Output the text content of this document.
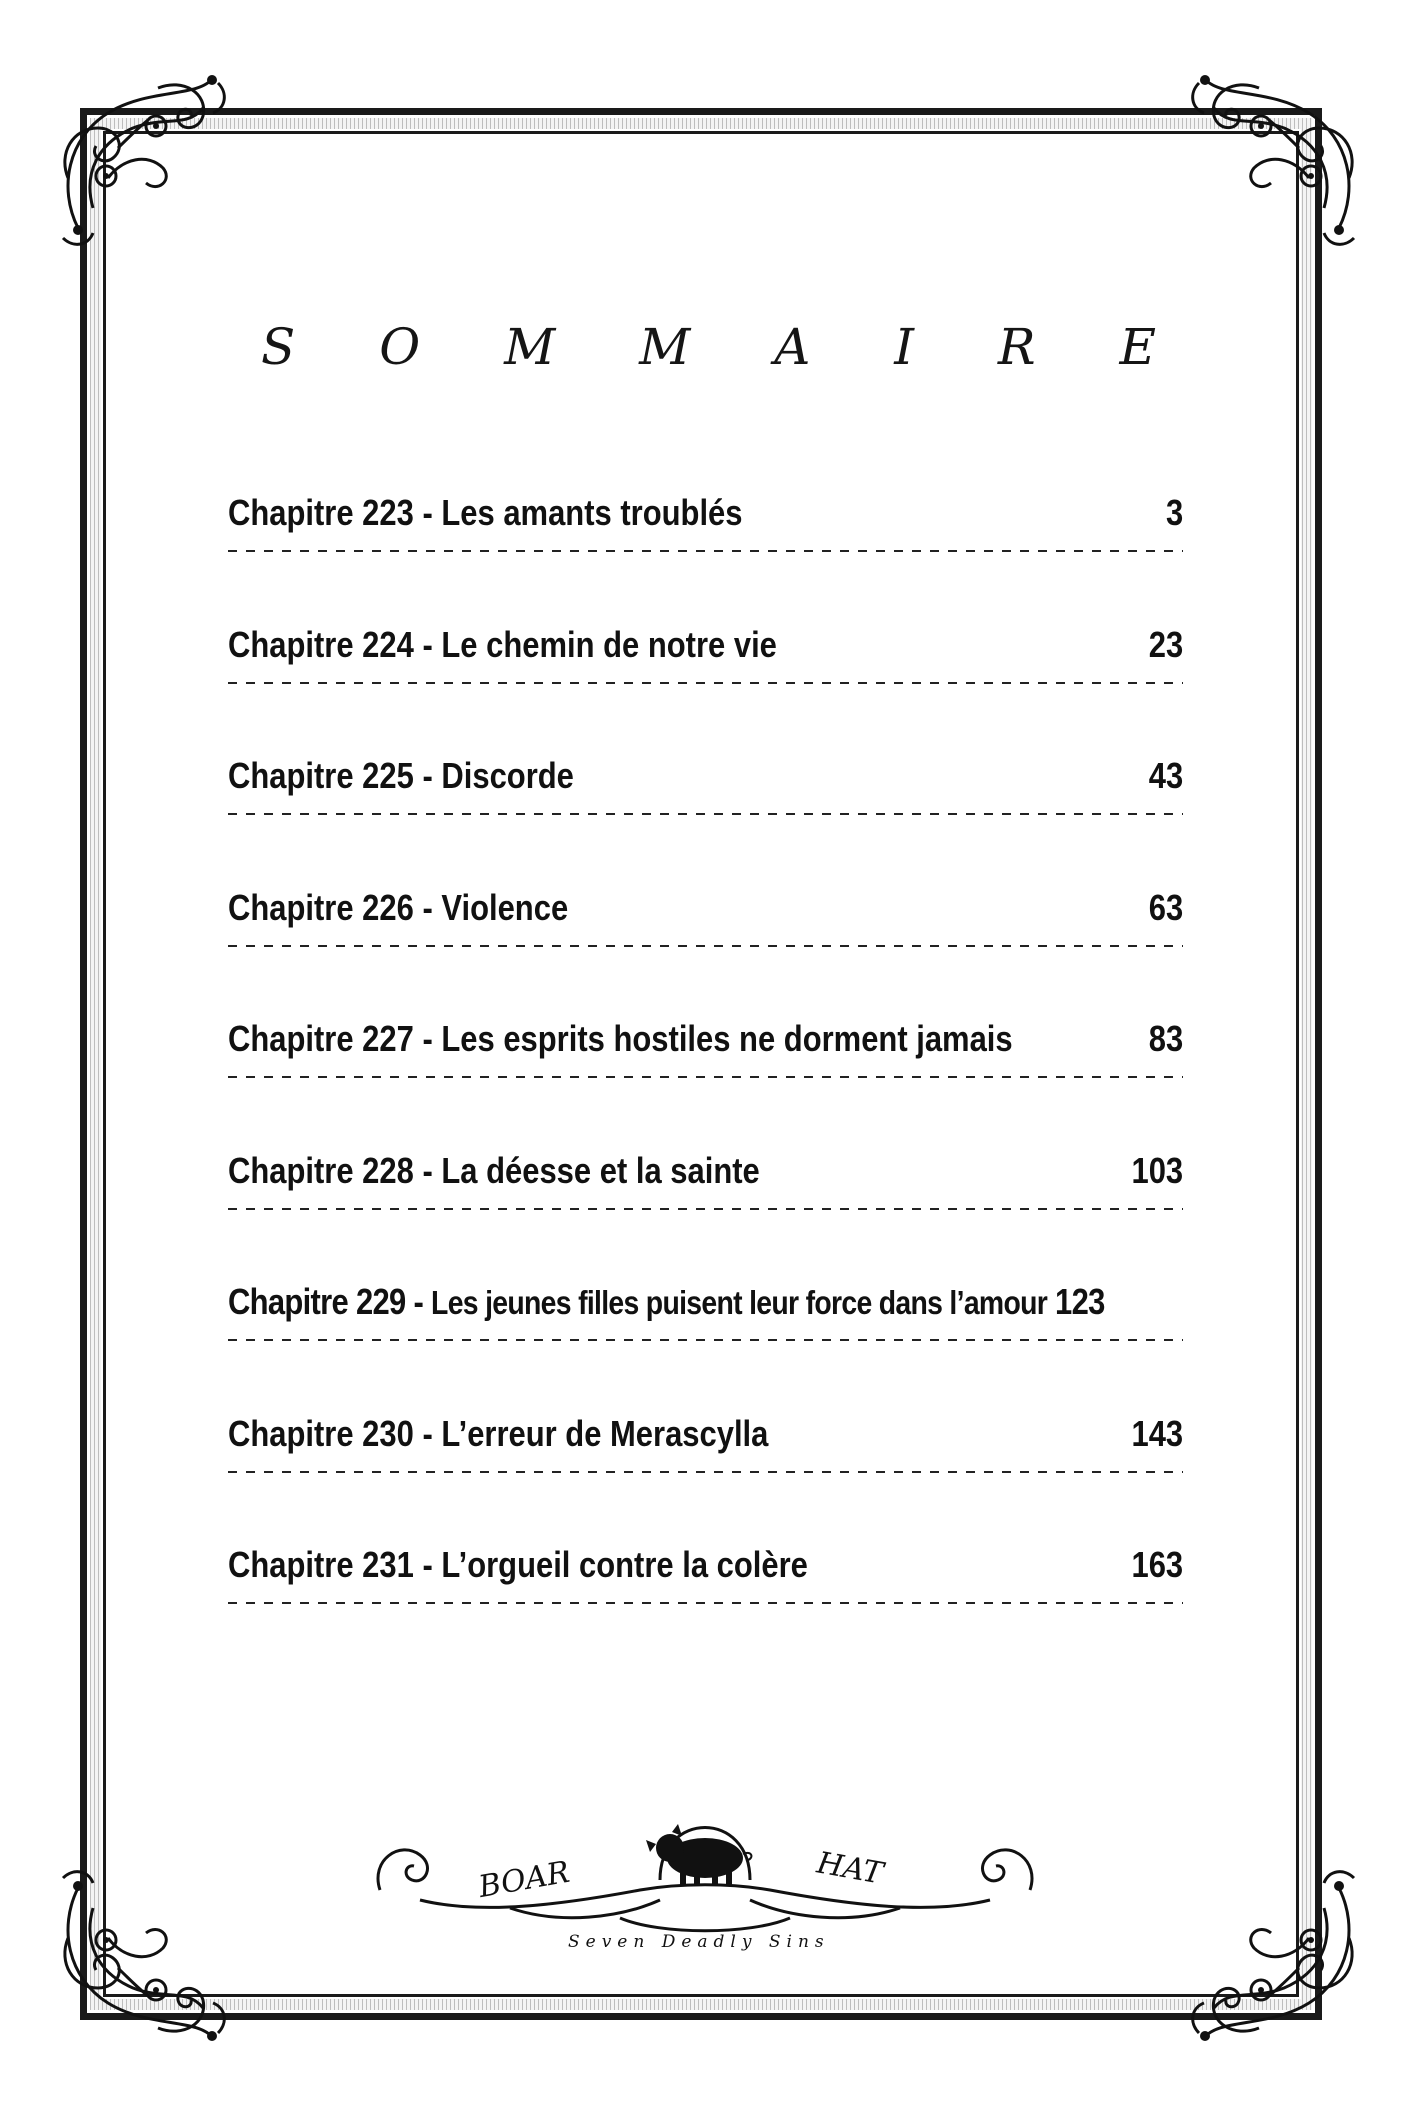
S O M M A I R E
Chapitre 223 - Les amants troublés	3
Chapitre 224 - Le chemin de notre vie	23
Chapitre 225 - Discorde	43
Chapitre 226 - Violence	63
Chapitre 227 - Les esprits hostiles ne dorment jamais	83
Chapitre 228 - La déesse et la sainte	103
Chapitre 229 - Les jeunes filles puisent leur force dans l’amour 123
Chapitre 230 - L’erreur de Merascylla	143
Chapitre 231 - L’orgueil contre la colère	163
BOAR	HAT
Seven Deadly Sins
